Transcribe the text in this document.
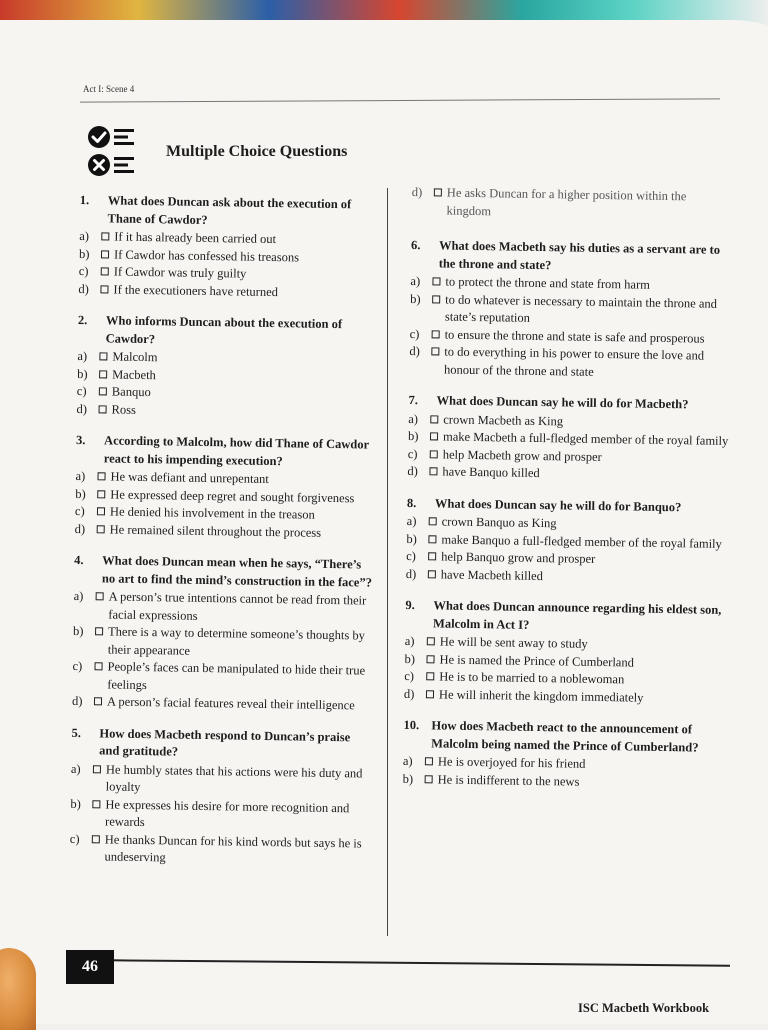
Act I: Scene 4
Multiple Choice Questions
1.	What does Duncan ask about the execution of Thane of Cawdor?
a)	If it has already been carried out
b)	If Cawdor has confessed his treasons
c)	If Cawdor was truly guilty
d)	If the executioners have returned
2.	Who informs Duncan about the execution of Cawdor?
a)	Malcolm
b)	Macbeth
c)	Banquo
d)	Ross
3.	According to Malcolm, how did Thane of Cawdor react to his impending execution?
a)	He was defiant and unrepentant
b)	He expressed deep regret and sought forgiveness
c)	He denied his involvement in the treason
d)	He remained silent throughout the process
4.	What does Duncan mean when he says, “There’s no art to find the mind’s construction in the face”?
a)	A person’s true intentions cannot be read from their facial expressions
b)	There is a way to determine someone’s thoughts by their appearance
c)	People’s faces can be manipulated to hide their true feelings
d)	A person’s facial features reveal their intelligence
5.	How does Macbeth respond to Duncan’s praise and gratitude?
a)	He humbly states that his actions were his duty and loyalty
b)	He expresses his desire for more recognition and rewards
c)	He thanks Duncan for his kind words but says he is undeserving
d)	He asks Duncan for a higher position within the kingdom
6.	What does Macbeth say his duties as a servant are to the throne and state?
a)	to protect the throne and state from harm
b)	to do whatever is necessary to maintain the throne and state’s reputation
c)	to ensure the throne and state is safe and prosperous
d)	to do everything in his power to ensure the love and honour of the throne and state
7.	What does Duncan say he will do for Macbeth?
a)	crown Macbeth as King
b)	make Macbeth a full-fledged member of the royal family
c)	help Macbeth grow and prosper
d)	have Banquo killed
8.	What does Duncan say he will do for Banquo?
a)	crown Banquo as King
b)	make Banquo a full-fledged member of the royal family
c)	help Banquo grow and prosper
d)	have Macbeth killed
9.	What does Duncan announce regarding his eldest son, Malcolm in Act I?
a)	He will be sent away to study
b)	He is named the Prince of Cumberland
c)	He is to be married to a noblewoman
d)	He will inherit the kingdom immediately
10. How does Macbeth react to the announcement of Malcolm being named the Prince of Cumberland?
a)	He is overjoyed for his friend
b)	He is indifferent to the news
46
ISC Macbeth Workbook
